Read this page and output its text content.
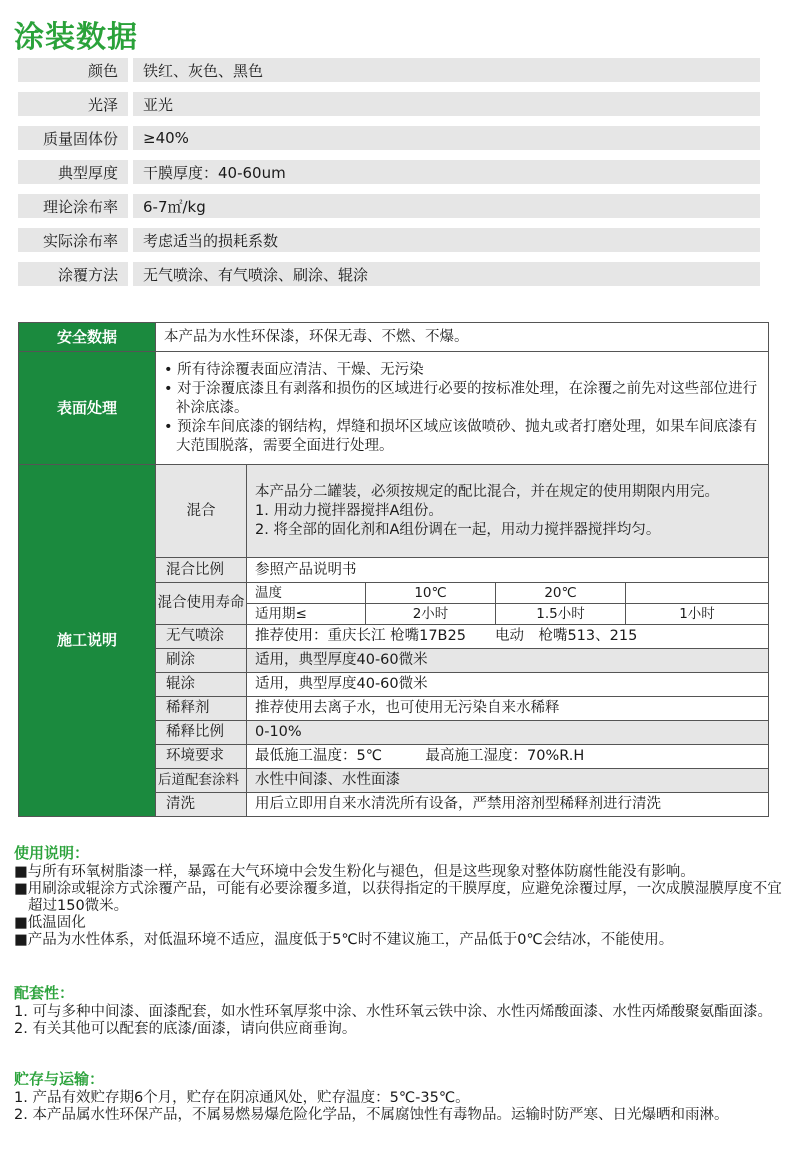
涂装数据
颜色	铁红、灰色、黑色
光泽	亚光
质量固体份	≥40%
典型厚度	干膜厚度：40-60um
理论涂布率	6-7㎡/kg
实际涂布率	考虑适当的损耗系数
涂覆方法	无气喷涂、有气喷涂、刷涂、辊涂
安全数据	本产品为水性环保漆，环保无毒、不燃、不爆。				
表面处理	• 所有待涂覆表面应清洁、干燥、无污染
• 对于涂覆底漆且有剥落和损伤的区域进行必要的按标准处理，在涂覆之前先对这些部位进行补涂底漆。
• 预涂车间底漆的钢结构，焊缝和损坏区域应该做喷砂、抛丸或者打磨处理，如果车间底漆有大范围脱落，需要全面进行处理。				

施工说明	混合	本产品分二罐装，必须按规定的配比混合，并在规定的使用期限内用完。
1. 用动力搅拌器搅拌A组份。
2. 将全部的固化剂和A组份调在一起，用动力搅拌器搅拌均匀。			

	混合比例	参照产品说明书			
	混合使用寿命	温度	10℃	20℃	
		适用期≤	2小时	1.5小时	1小时
	无气喷涂	推荐使用：重庆长江 枪嘴17B25　　电动　枪嘴513、215			
	刷涂	适用，典型厚度40-60微米			
	辊涂	适用，典型厚度40-60微米			
	稀释剂	推荐使用去离子水，也可使用无污染自来水稀释			
	稀释比例	0-10%			
	环境要求	最低施工温度：5℃　　　最高施工湿度：70%R.H			
	后道配套涂料	水性中间漆、水性面漆			
	清洗	用后立即用自来水清洗所有设备，严禁用溶剂型稀释剂进行清洗			
使用说明：

■与所有环氧树脂漆一样，暴露在大气环境中会发生粉化与褪色，但是这些现象对整体防腐性能没有影响。

■用刷涂或辊涂方式涂覆产品，可能有必要涂覆多道，以获得指定的干膜厚度，应避免涂覆过厚，一次成膜湿膜厚度不宜超过150微米。

■低温固化

■产品为水性体系，对低温环境不适应，温度低于5℃时不建议施工，产品低于0℃会结冰，不能使用。

配套性：

1. 可与多种中间漆、面漆配套，如水性环氧厚浆中涂、水性环氧云铁中涂、水性丙烯酸面漆、水性丙烯酸聚氨酯面漆。

2. 有关其他可以配套的底漆/面漆，请向供应商垂询。

贮存与运输：

1. 产品有效贮存期6个月，贮存在阴凉通风处，贮存温度：5℃-35℃。

2. 本产品属水性环保产品，不属易燃易爆危险化学品，不属腐蚀性有毒物品。运输时防严寒、日光爆晒和雨淋。
